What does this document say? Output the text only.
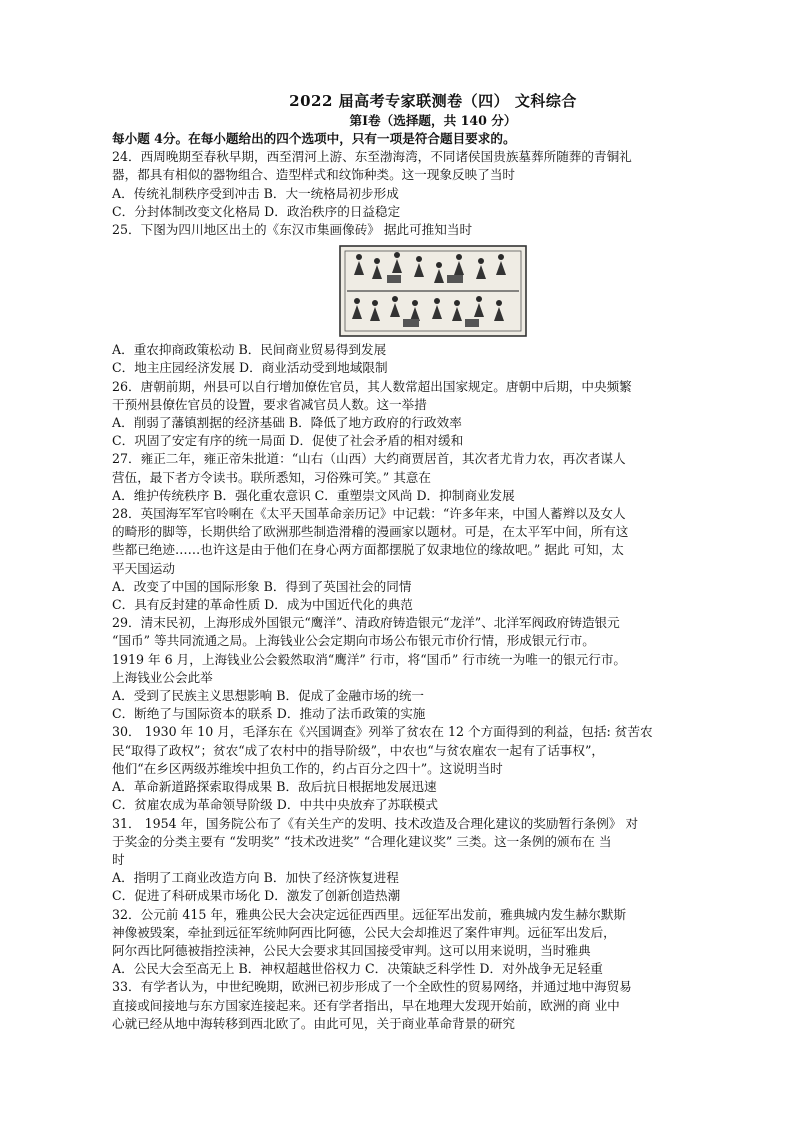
2022 届高考专家联测卷（四） 文科综合
第Ⅰ卷（选择题，共 140 分）
每小题 4分。在每小题给出的四个选项中，只有一项是符合题目要求的。
24．西周晚期至春秋早期，西至渭河上游、东至渤海湾，不同诸侯国贵族墓葬所随葬的青铜礼
器，都具有相似的器物组合、造型样式和纹饰种类。这一现象反映了当时
A．传统礼制秩序受到冲击 B．大一统格局初步形成
C．分封体制改变文化格局 D．政治秩序的日益稳定
25．下图为四川地区出土的《东汉市集画像砖》 据此可推知当时
A．重农抑商政策松动 B．民间商业贸易得到发展
C．地主庄园经济发展 D．商业活动受到地域限制
26．唐朝前期，州县可以自行增加僚佐官员，其人数常超出国家规定。唐朝中后期，中央频繁
干预州县僚佐官员的设置，要求省减官员人数。这一举措
A．削弱了藩镇割据的经济基础 B．降低了地方政府的行政效率
C．巩固了安定有序的统一局面 D．促使了社会矛盾的相对缓和
27．雍正二年，雍正帝朱批道：“山右（山西）大约商贾居首，其次者尤肯力农，再次者谋人
营伍，最下者方令读书。联所悉知，习俗殊可笑。” 其意在
A．维护传统秩序 B．强化重农意识 C．重塑崇文风尚 D．抑制商业发展
28．英国海军军官呤唎在《太平天国革命亲历记》中记载：“许多年来，中国人蓄辫以及女人
的畸形的脚等，长期供给了欧洲那些制造滑稽的漫画家以题材。可是，在太平军中间，所有这
些都已绝迹……也许这是由于他们在身心两方面都摆脱了奴隶地位的缘故吧。” 据此 可知，太
平天国运动
A．改变了中国的国际形象 B．得到了英国社会的同情
C．具有反封建的革命性质 D．成为中国近代化的典范
29．清末民初，上海形成外国银元“鹰洋”、清政府铸造银元“龙洋”、北洋军阀政府铸造银元
“国币” 等共同流通之局。上海钱业公会定期向市场公布银元市价行情，形成银元行市。
1919 年 6 月，上海钱业公会毅然取消“鹰洋” 行市，将“国币” 行市统一为唯一的银元行市。
上海钱业公会此举
A．受到了民族主义思想影响 B．促成了金融市场的统一
C．断绝了与国际资本的联系 D．推动了法币政策的实施
30． 1930 年 10 月，毛泽东在《兴国调查》列举了贫农在 12 个方面得到的利益，包括: 贫苦农
民“取得了政权”；贫农“成了农村中的指导阶级”，中农也“与贫农雇农一起有了话事权”，
他们“在乡区两级苏维埃中担负工作的，约占百分之四十”。这说明当时
A．革命新道路探索取得成果 B．敌后抗日根据地发展迅速
C．贫雇农成为革命领导阶级 D．中共中央放弃了苏联模式
31． 1954 年，国务院公布了《有关生产的发明、技术改造及合理化建议的奖励暂行条例》 对
于奖金的分类主要有 “发明奖” “技术改进奖” “合理化建议奖” 三类。这一条例的颁布在 当
时
A．指明了工商业改造方向 B．加快了经济恢复进程
C．促进了科研成果市场化 D．激发了创新创造热潮
32．公元前 415 年，雅典公民大会决定远征西西里。远征军出发前，雅典城内发生赫尔默斯
神像被毁案，牵扯到远征军统帅阿西比阿德，公民大会却推迟了案件审判。远征军出发后，
阿尔西比阿德被指控渎神，公民大会要求其回国接受审判。这可以用来说明，当时雅典
A．公民大会至高无上 B．神权超越世俗权力 C．决策缺乏科学性 D．对外战争无足轻重
33．有学者认为，中世纪晚期，欧洲已初步形成了一个全欧性的贸易网络，并通过地中海贸易
直接或间接地与东方国家连接起来。还有学者指出，早在地理大发现开始前，欧洲的商 业中
心就已经从地中海转移到西北欧了。由此可见，关于商业革命背景的研究
